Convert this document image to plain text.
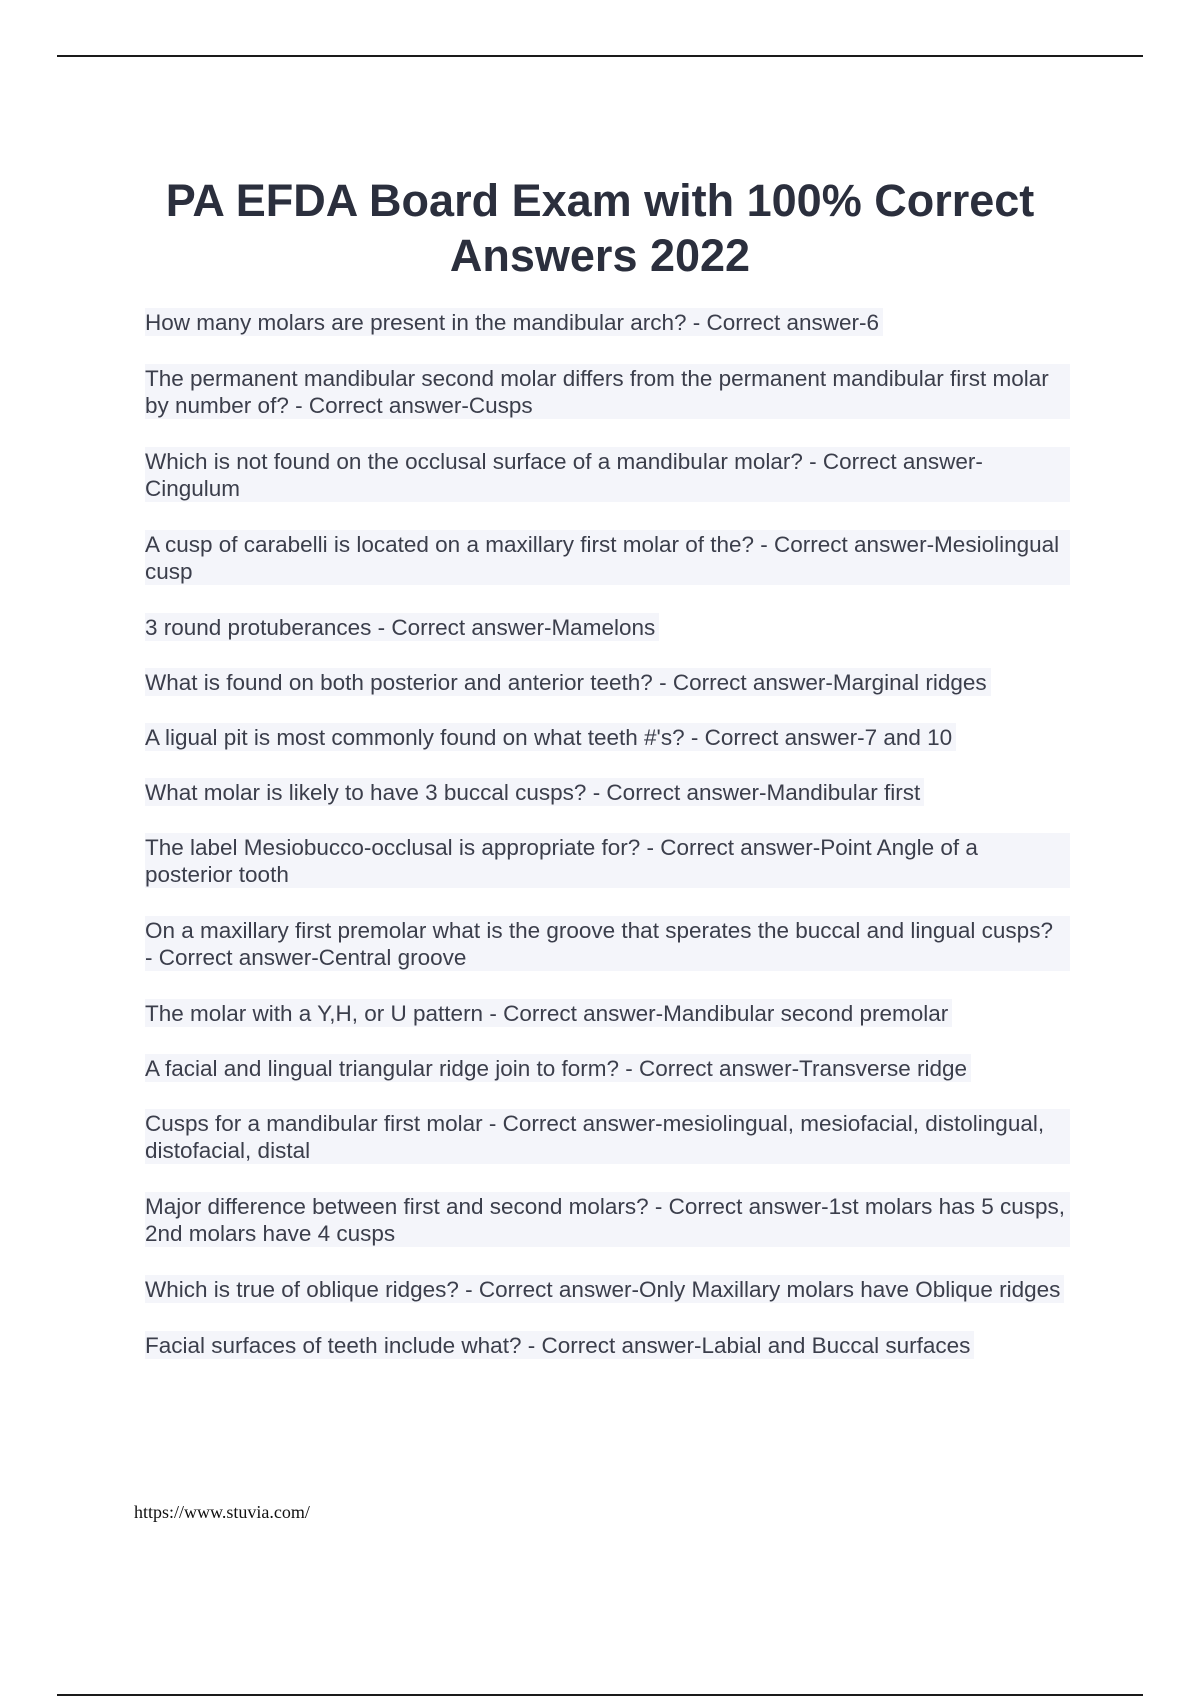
PA EFDA Board Exam with 100% Correct Answers 2022
How many molars are present in the mandibular arch? - Correct answer-6
The permanent mandibular second molar differs from the permanent mandibular first molar by number of? - Correct answer-Cusps
Which is not found on the occlusal surface of a mandibular molar? - Correct answer-Cingulum
A cusp of carabelli is located on a maxillary first molar of the? - Correct answer-Mesiolingual cusp
3 round protuberances - Correct answer-Mamelons
What is found on both posterior and anterior teeth? - Correct answer-Marginal ridges
A ligual pit is most commonly found on what teeth #'s? - Correct answer-7 and 10
What molar is likely to have 3 buccal cusps? - Correct answer-Mandibular first
The label Mesiobucco-occlusal is appropriate for? - Correct answer-Point Angle of a posterior tooth
On a maxillary first premolar what is the groove that sperates the buccal and lingual cusps? - Correct answer-Central groove
The molar with a Y,H, or U pattern - Correct answer-Mandibular second premolar
A facial and lingual triangular ridge join to form? - Correct answer-Transverse ridge
Cusps for a mandibular first molar - Correct answer-mesiolingual, mesiofacial, distolingual, distofacial, distal
Major difference between first and second molars? - Correct answer-1st molars has 5 cusps, 2nd molars have 4 cusps
Which is true of oblique ridges? - Correct answer-Only Maxillary molars have Oblique ridges
Facial surfaces of teeth include what? - Correct answer-Labial and Buccal surfaces
https://www.stuvia.com/
